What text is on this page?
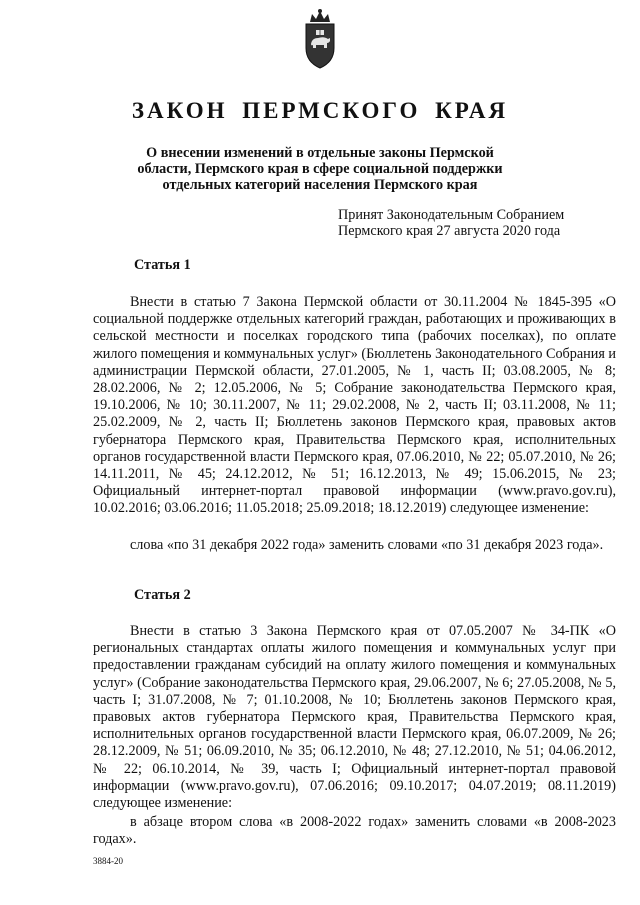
ЗАКОН ПЕРМСКОГО КРАЯ
О внесении изменений в отдельные законы Пермской области, Пермского края в сфере социальной поддержки отдельных категорий населения Пермского края
Принят Законодательным Собранием Пермского края 27 августа 2020 года
Статья 1

Внести в статью 7 Закона Пермской области от 30.11.2004 № 1845-395 «О социальной поддержке отдельных категорий граждан, работающих и проживающих в сельской местности и поселках городского типа (рабочих поселках), по оплате жилого помещения и коммунальных услуг» (Бюллетень Законодательного Собрания и администрации Пермской области, 27.01.2005, № 1, часть II; 03.08.2005, № 8; 28.02.2006, № 2; 12.05.2006, № 5; Собрание законодательства Пермского края, 19.10.2006, № 10; 30.11.2007, № 11; 29.02.2008, № 2, часть II; 03.11.2008, № 11; 25.02.2009, № 2, часть II; Бюллетень законов Пермского края, правовых актов губернатора Пермского края, Правительства Пермского края, исполнительных органов государственной власти Пермского края, 07.06.2010, № 22; 05.07.2010, № 26; 14.11.2011, № 45; 24.12.2012, № 51; 16.12.2013, № 49; 15.06.2015, № 23; Официальный интернет-портал правовой информации (www.pravo.gov.ru), 10.02.2016; 03.06.2016; 11.05.2018; 25.09.2018; 18.12.2019) следующее изменение:

слова «по 31 декабря 2022 года» заменить словами «по 31 декабря 2023 года».

Статья 2

Внести в статью 3 Закона Пермского края от 07.05.2007 № 34-ПК «О региональных стандартах оплаты жилого помещения и коммунальных услуг при предоставлении гражданам субсидий на оплату жилого помещения и коммунальных услуг» (Собрание законодательства Пермского края, 29.06.2007, № 6; 27.05.2008, № 5, часть I; 31.07.2008, № 7; 01.10.2008, № 10; Бюллетень законов Пермского края, правовых актов губернатора Пермского края, Правительства Пермского края, исполнительных органов государственной власти Пермского края, 06.07.2009, № 26; 28.12.2009, № 51; 06.09.2010, № 35; 06.12.2010, № 48; 27.12.2010, № 51; 04.06.2012, № 22; 06.10.2014, № 39, часть I; Официальный интернет-портал правовой информации (www.pravo.gov.ru), 07.06.2016; 09.10.2017; 04.07.2019; 08.11.2019) следующее изменение:

в абзаце втором слова «в 2008-2022 годах» заменить словами «в 2008-2023 годах».

3884-20
